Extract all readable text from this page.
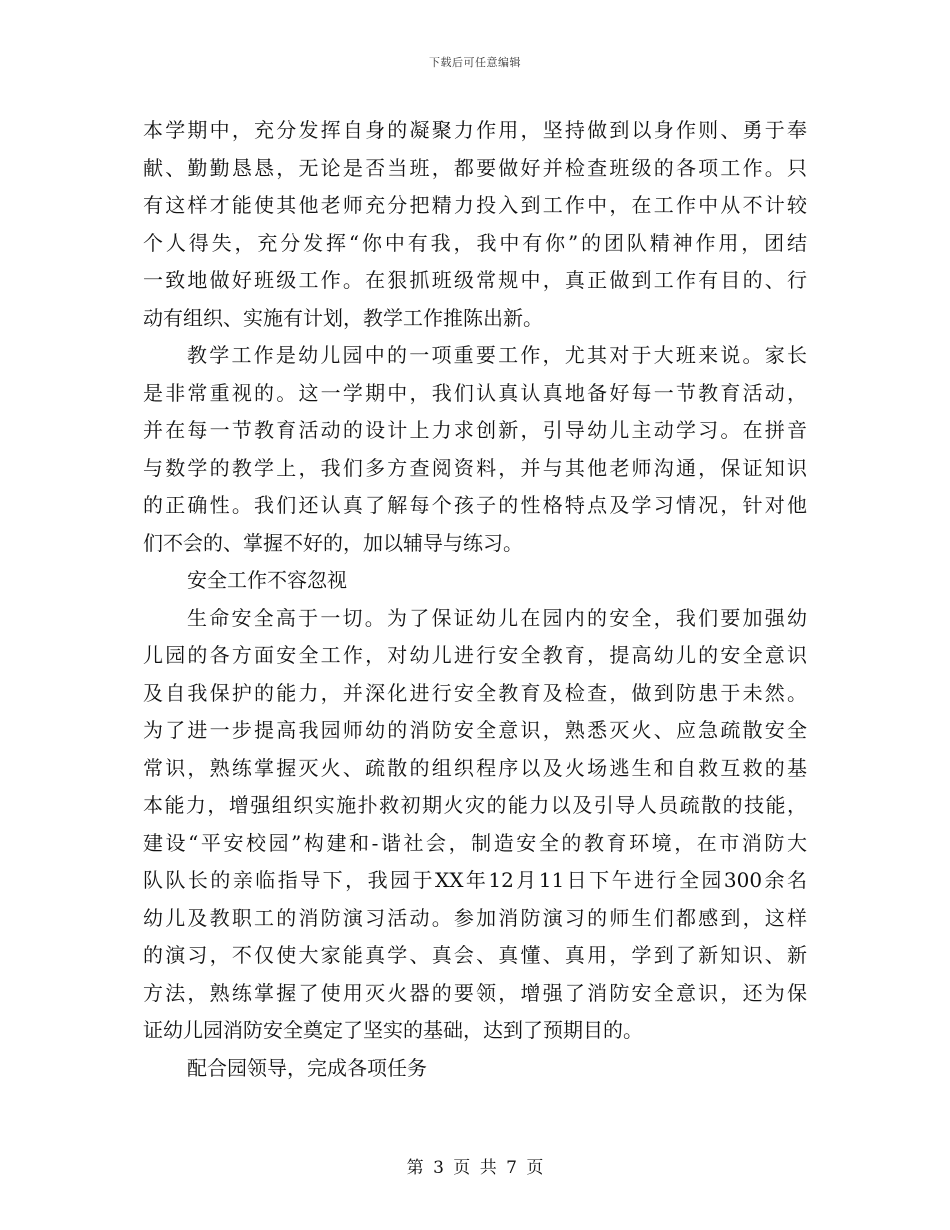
下载后可任意编辑
本学期中，充分发挥自身的凝聚力作用，坚持做到以身作则、勇于奉
献、勤勤恳恳，无论是否当班，都要做好并检查班级的各项工作。只
有这样才能使其他老师充分把精力投入到工作中，在工作中从不计较
个人得失，充分发挥“你中有我，我中有你”的团队精神作用，团结
一致地做好班级工作。在狠抓班级常规中，真正做到工作有目的、行
动有组织、实施有计划，教学工作推陈出新。
教学工作是幼儿园中的一项重要工作，尤其对于大班来说。家长
是非常重视的。这一学期中，我们认真认真地备好每一节教育活动，
并在每一节教育活动的设计上力求创新，引导幼儿主动学习。在拼音
与数学的教学上，我们多方查阅资料，并与其他老师沟通，保证知识
的正确性。我们还认真了解每个孩子的性格特点及学习情况，针对他
们不会的、掌握不好的，加以辅导与练习。
安全工作不容忽视
生命安全高于一切。为了保证幼儿在园内的安全，我们要加强幼
儿园的各方面安全工作，对幼儿进行安全教育，提高幼儿的安全意识
及自我保护的能力，并深化进行安全教育及检查，做到防患于未然。
为了进一步提高我园师幼的消防安全意识，熟悉灭火、应急疏散安全
常识，熟练掌握灭火、疏散的组织程序以及火场逃生和自救互救的基
本能力，增强组织实施扑救初期火灾的能力以及引导人员疏散的技能，
建设“平安校园”构建和-谐社会，制造安全的教育环境，在市消防大
队队长的亲临指导下，我园于XX年12月11日下午进行全园300余名
幼儿及教职工的消防演习活动。参加消防演习的师生们都感到，这样
的演习，不仅使大家能真学、真会、真懂、真用，学到了新知识、新
方法，熟练掌握了使用灭火器的要领，增强了消防安全意识，还为保
证幼儿园消防安全奠定了坚实的基础，达到了预期目的。
配合园领导，完成各项任务
第 3 页 共 7 页
